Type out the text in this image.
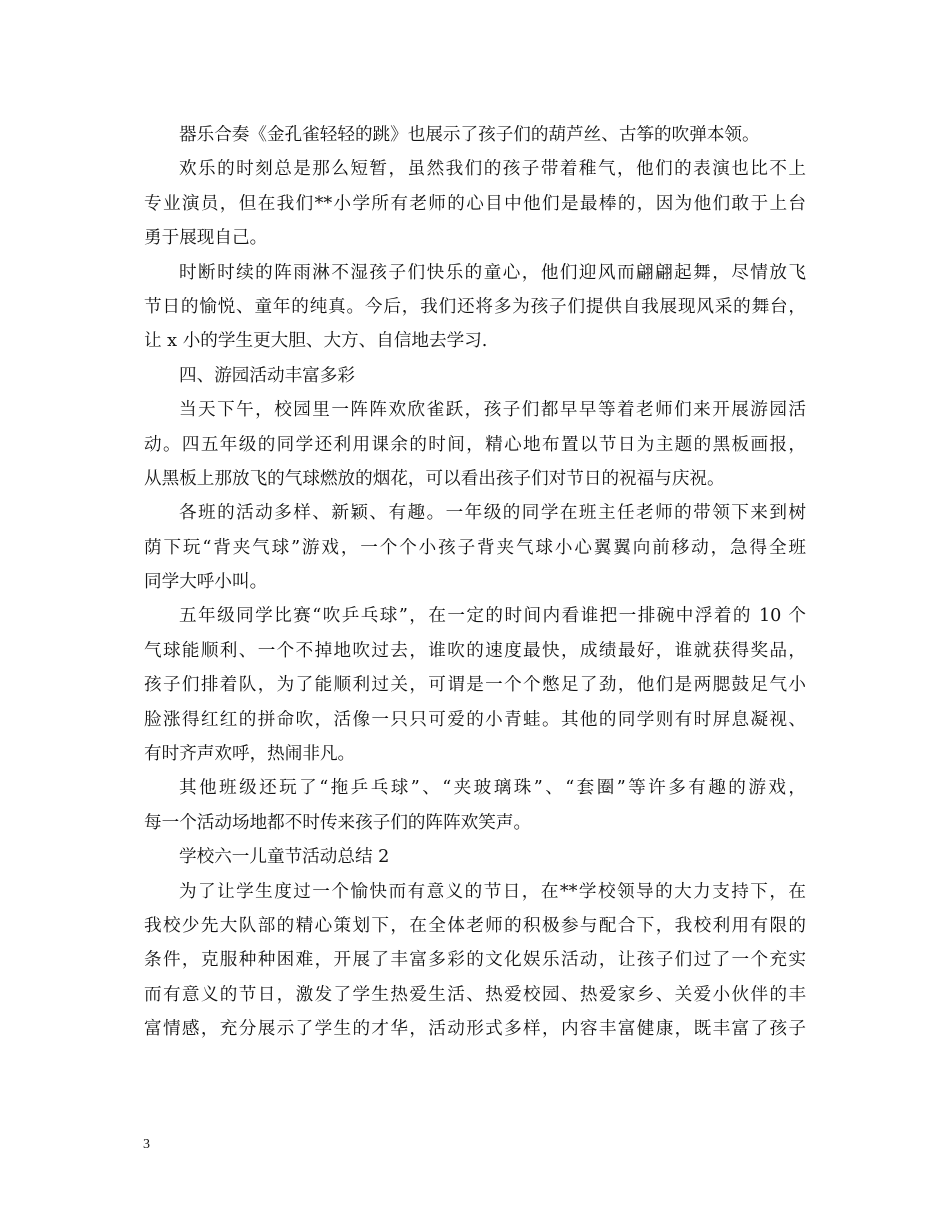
器乐合奏《金孔雀轻轻的跳》也展示了孩子们的葫芦丝、古筝的吹弹本领。
欢乐的时刻总是那么短暂，虽然我们的孩子带着稚气，他们的表演也比不上
专业演员，但在我们**小学所有老师的心目中他们是最棒的，因为他们敢于上台
勇于展现自己。
时断时续的阵雨淋不湿孩子们快乐的童心，他们迎风而翩翩起舞，尽情放飞
节日的愉悦、童年的纯真。今后，我们还将多为孩子们提供自我展现风采的舞台，
让 x 小的学生更大胆、大方、自信地去学习.
四、游园活动丰富多彩
当天下午，校园里一阵阵欢欣雀跃，孩子们都早早等着老师们来开展游园活
动。四五年级的同学还利用课余的时间，精心地布置以节日为主题的黑板画报，
从黑板上那放飞的气球燃放的烟花，可以看出孩子们对节日的祝福与庆祝。
各班的活动多样、新颖、有趣。一年级的同学在班主任老师的带领下来到树
荫下玩“背夹气球”游戏，一个个小孩子背夹气球小心翼翼向前移动，急得全班
同学大呼小叫。
五年级同学比赛“吹乒乓球”，在一定的时间内看谁把一排碗中浮着的 10 个
气球能顺利、一个不掉地吹过去，谁吹的速度最快，成绩最好，谁就获得奖品，
孩子们排着队，为了能顺利过关，可谓是一个个憋足了劲，他们是两腮鼓足气小
脸涨得红红的拼命吹，活像一只只可爱的小青蛙。其他的同学则有时屏息凝视、
有时齐声欢呼，热闹非凡。
其他班级还玩了“拖乒乓球”、“夹玻璃珠”、“套圈”等许多有趣的游戏，
每一个活动场地都不时传来孩子们的阵阵欢笑声。
学校六一儿童节活动总结 2
为了让学生度过一个愉快而有意义的节日，在**学校领导的大力支持下，在
我校少先大队部的精心策划下，在全体老师的积极参与配合下，我校利用有限的
条件，克服种种困难，开展了丰富多彩的文化娱乐活动，让孩子们过了一个充实
而有意义的节日，激发了学生热爱生活、热爱校园、热爱家乡、关爱小伙伴的丰
富情感，充分展示了学生的才华，活动形式多样，内容丰富健康，既丰富了孩子
3
